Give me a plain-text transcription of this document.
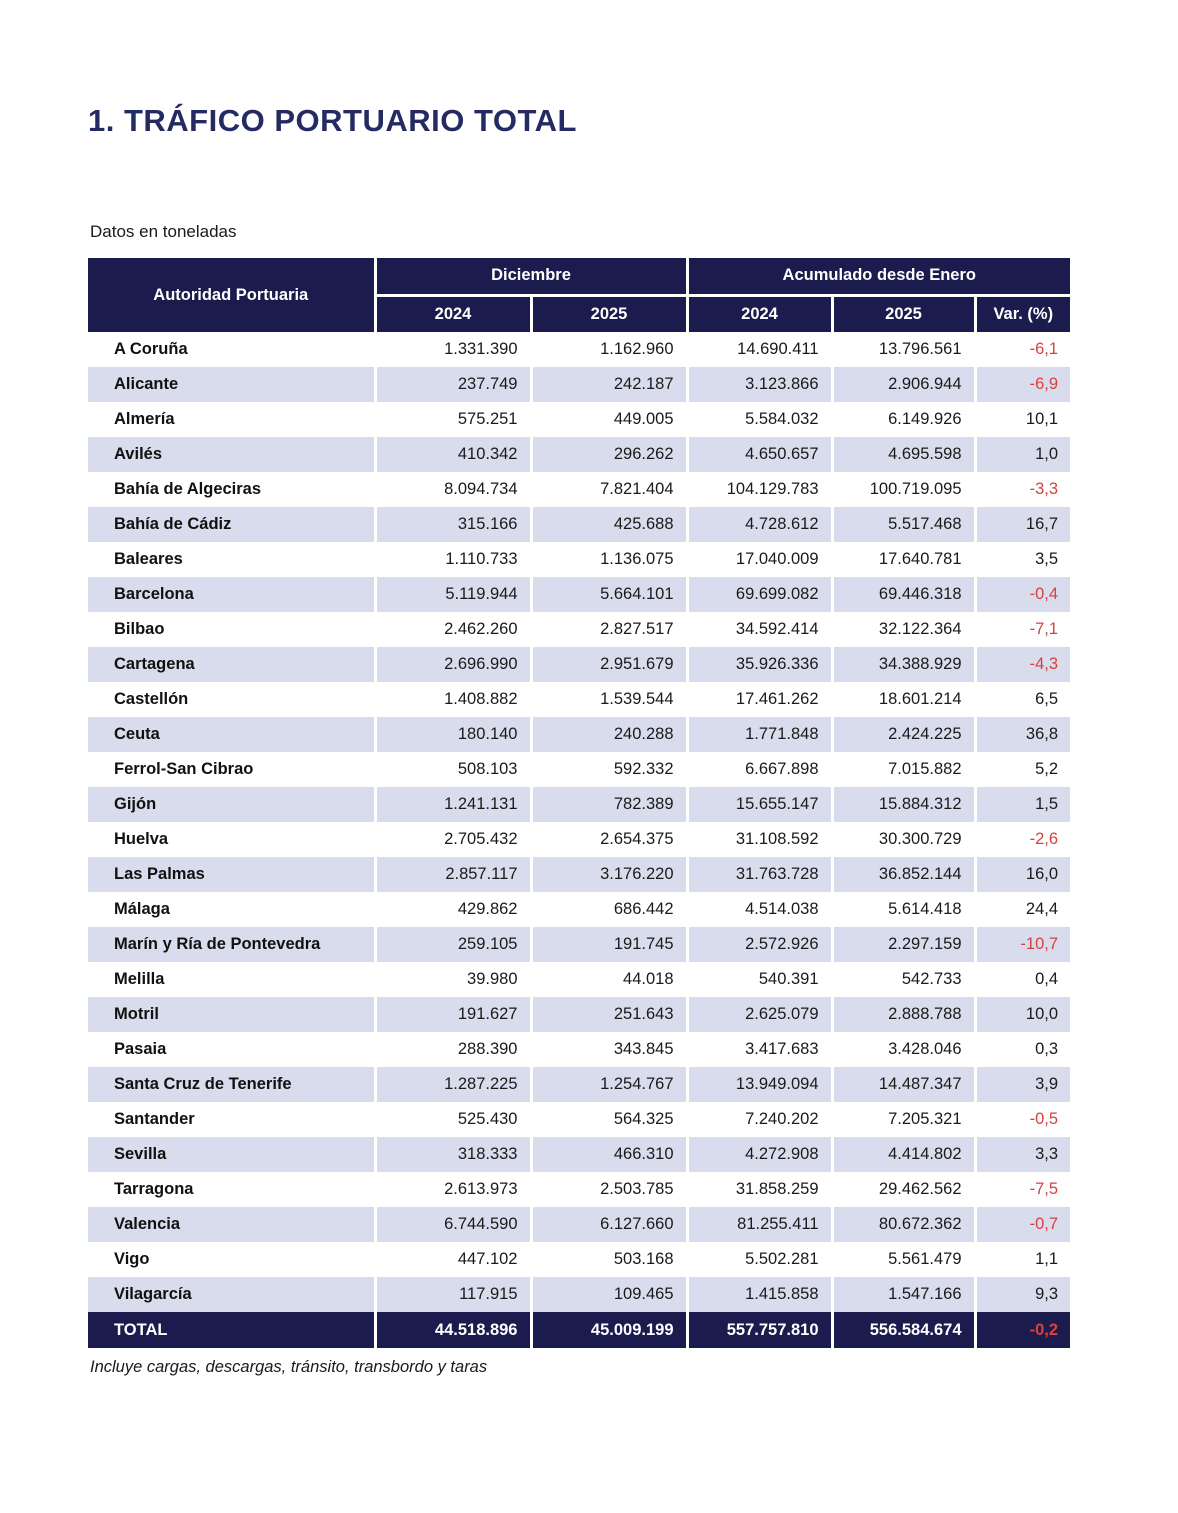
1. TRÁFICO PORTUARIO TOTAL
Datos en toneladas
Autoridad Portuaria	Diciembre		Acumulado desde Enero		
	2024	2025	2024	2025	Var. (%)
A Coruña	1.331.390	1.162.960	14.690.411	13.796.561	-6,1
Alicante	237.749	242.187	3.123.866	2.906.944	-6,9
Almería	575.251	449.005	5.584.032	6.149.926	10,1
Avilés	410.342	296.262	4.650.657	4.695.598	1,0
Bahía de Algeciras	8.094.734	7.821.404	104.129.783	100.719.095	-3,3
Bahía de Cádiz	315.166	425.688	4.728.612	5.517.468	16,7
Baleares	1.110.733	1.136.075	17.040.009	17.640.781	3,5
Barcelona	5.119.944	5.664.101	69.699.082	69.446.318	-0,4
Bilbao	2.462.260	2.827.517	34.592.414	32.122.364	-7,1
Cartagena	2.696.990	2.951.679	35.926.336	34.388.929	-4,3
Castellón	1.408.882	1.539.544	17.461.262	18.601.214	6,5
Ceuta	180.140	240.288	1.771.848	2.424.225	36,8
Ferrol-San Cibrao	508.103	592.332	6.667.898	7.015.882	5,2
Gijón	1.241.131	782.389	15.655.147	15.884.312	1,5
Huelva	2.705.432	2.654.375	31.108.592	30.300.729	-2,6
Las Palmas	2.857.117	3.176.220	31.763.728	36.852.144	16,0
Málaga	429.862	686.442	4.514.038	5.614.418	24,4
Marín y Ría de Pontevedra	259.105	191.745	2.572.926	2.297.159	-10,7
Melilla	39.980	44.018	540.391	542.733	0,4
Motril	191.627	251.643	2.625.079	2.888.788	10,0
Pasaia	288.390	343.845	3.417.683	3.428.046	0,3
Santa Cruz de Tenerife	1.287.225	1.254.767	13.949.094	14.487.347	3,9
Santander	525.430	564.325	7.240.202	7.205.321	-0,5
Sevilla	318.333	466.310	4.272.908	4.414.802	3,3
Tarragona	2.613.973	2.503.785	31.858.259	29.462.562	-7,5
Valencia	6.744.590	6.127.660	81.255.411	80.672.362	-0,7
Vigo	447.102	503.168	5.502.281	5.561.479	1,1
Vilagarcía	117.915	109.465	1.415.858	1.547.166	9,3
TOTAL	44.518.896	45.009.199	557.757.810	556.584.674	-0,2
Incluye cargas, descargas, tránsito, transbordo y taras
